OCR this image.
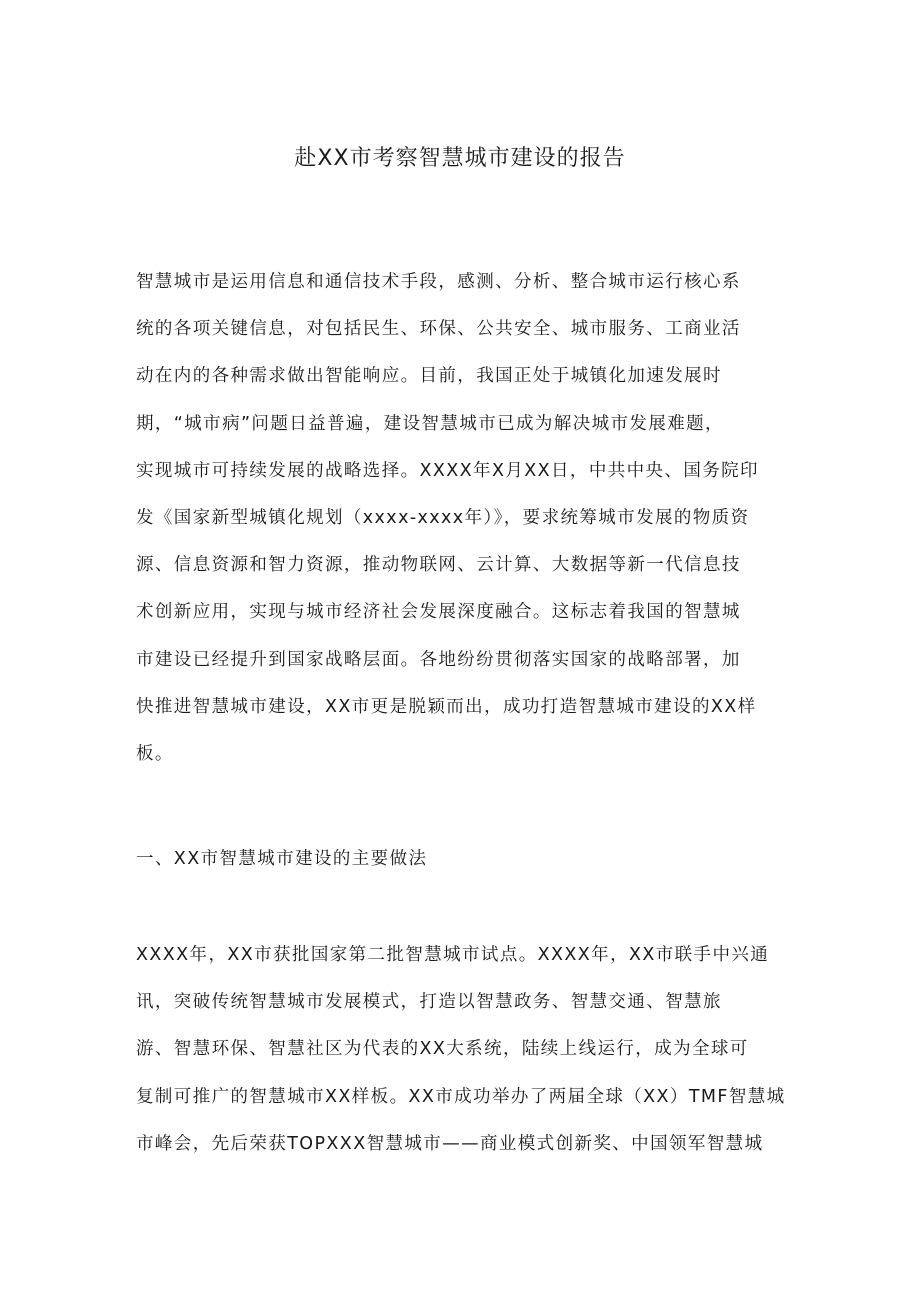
赴XX市考察智慧城市建设的报告
智慧城市是运用信息和通信技术手段，感测、分析、整合城市运行核心系
统的各项关键信息，对包括民生、环保、公共安全、城市服务、工商业活
动在内的各种需求做出智能响应。目前，我国正处于城镇化加速发展时
期，“城市病”问题日益普遍，建设智慧城市已成为解决城市发展难题，
实现城市可持续发展的战略选择。XXXX年X月XX日，中共中央、国务院印
发《国家新型城镇化规划（xxxx-xxxx年）》，要求统筹城市发展的物质资
源、信息资源和智力资源，推动物联网、云计算、大数据等新一代信息技
术创新应用，实现与城市经济社会发展深度融合。这标志着我国的智慧城
市建设已经提升到国家战略层面。各地纷纷贯彻落实国家的战略部署，加
快推进智慧城市建设，XX市更是脱颖而出，成功打造智慧城市建设的XX样
板。
一、XX市智慧城市建设的主要做法
XXXX年，XX市获批国家第二批智慧城市试点。XXXX年，XX市联手中兴通
讯，突破传统智慧城市发展模式，打造以智慧政务、智慧交通、智慧旅
游、智慧环保、智慧社区为代表的XX大系统，陆续上线运行，成为全球可
复制可推广的智慧城市XX样板。XX市成功举办了两届全球（XX）TMF智慧城
市峰会，先后荣获TOPXXX智慧城市——商业模式创新奖、中国领军智慧城
